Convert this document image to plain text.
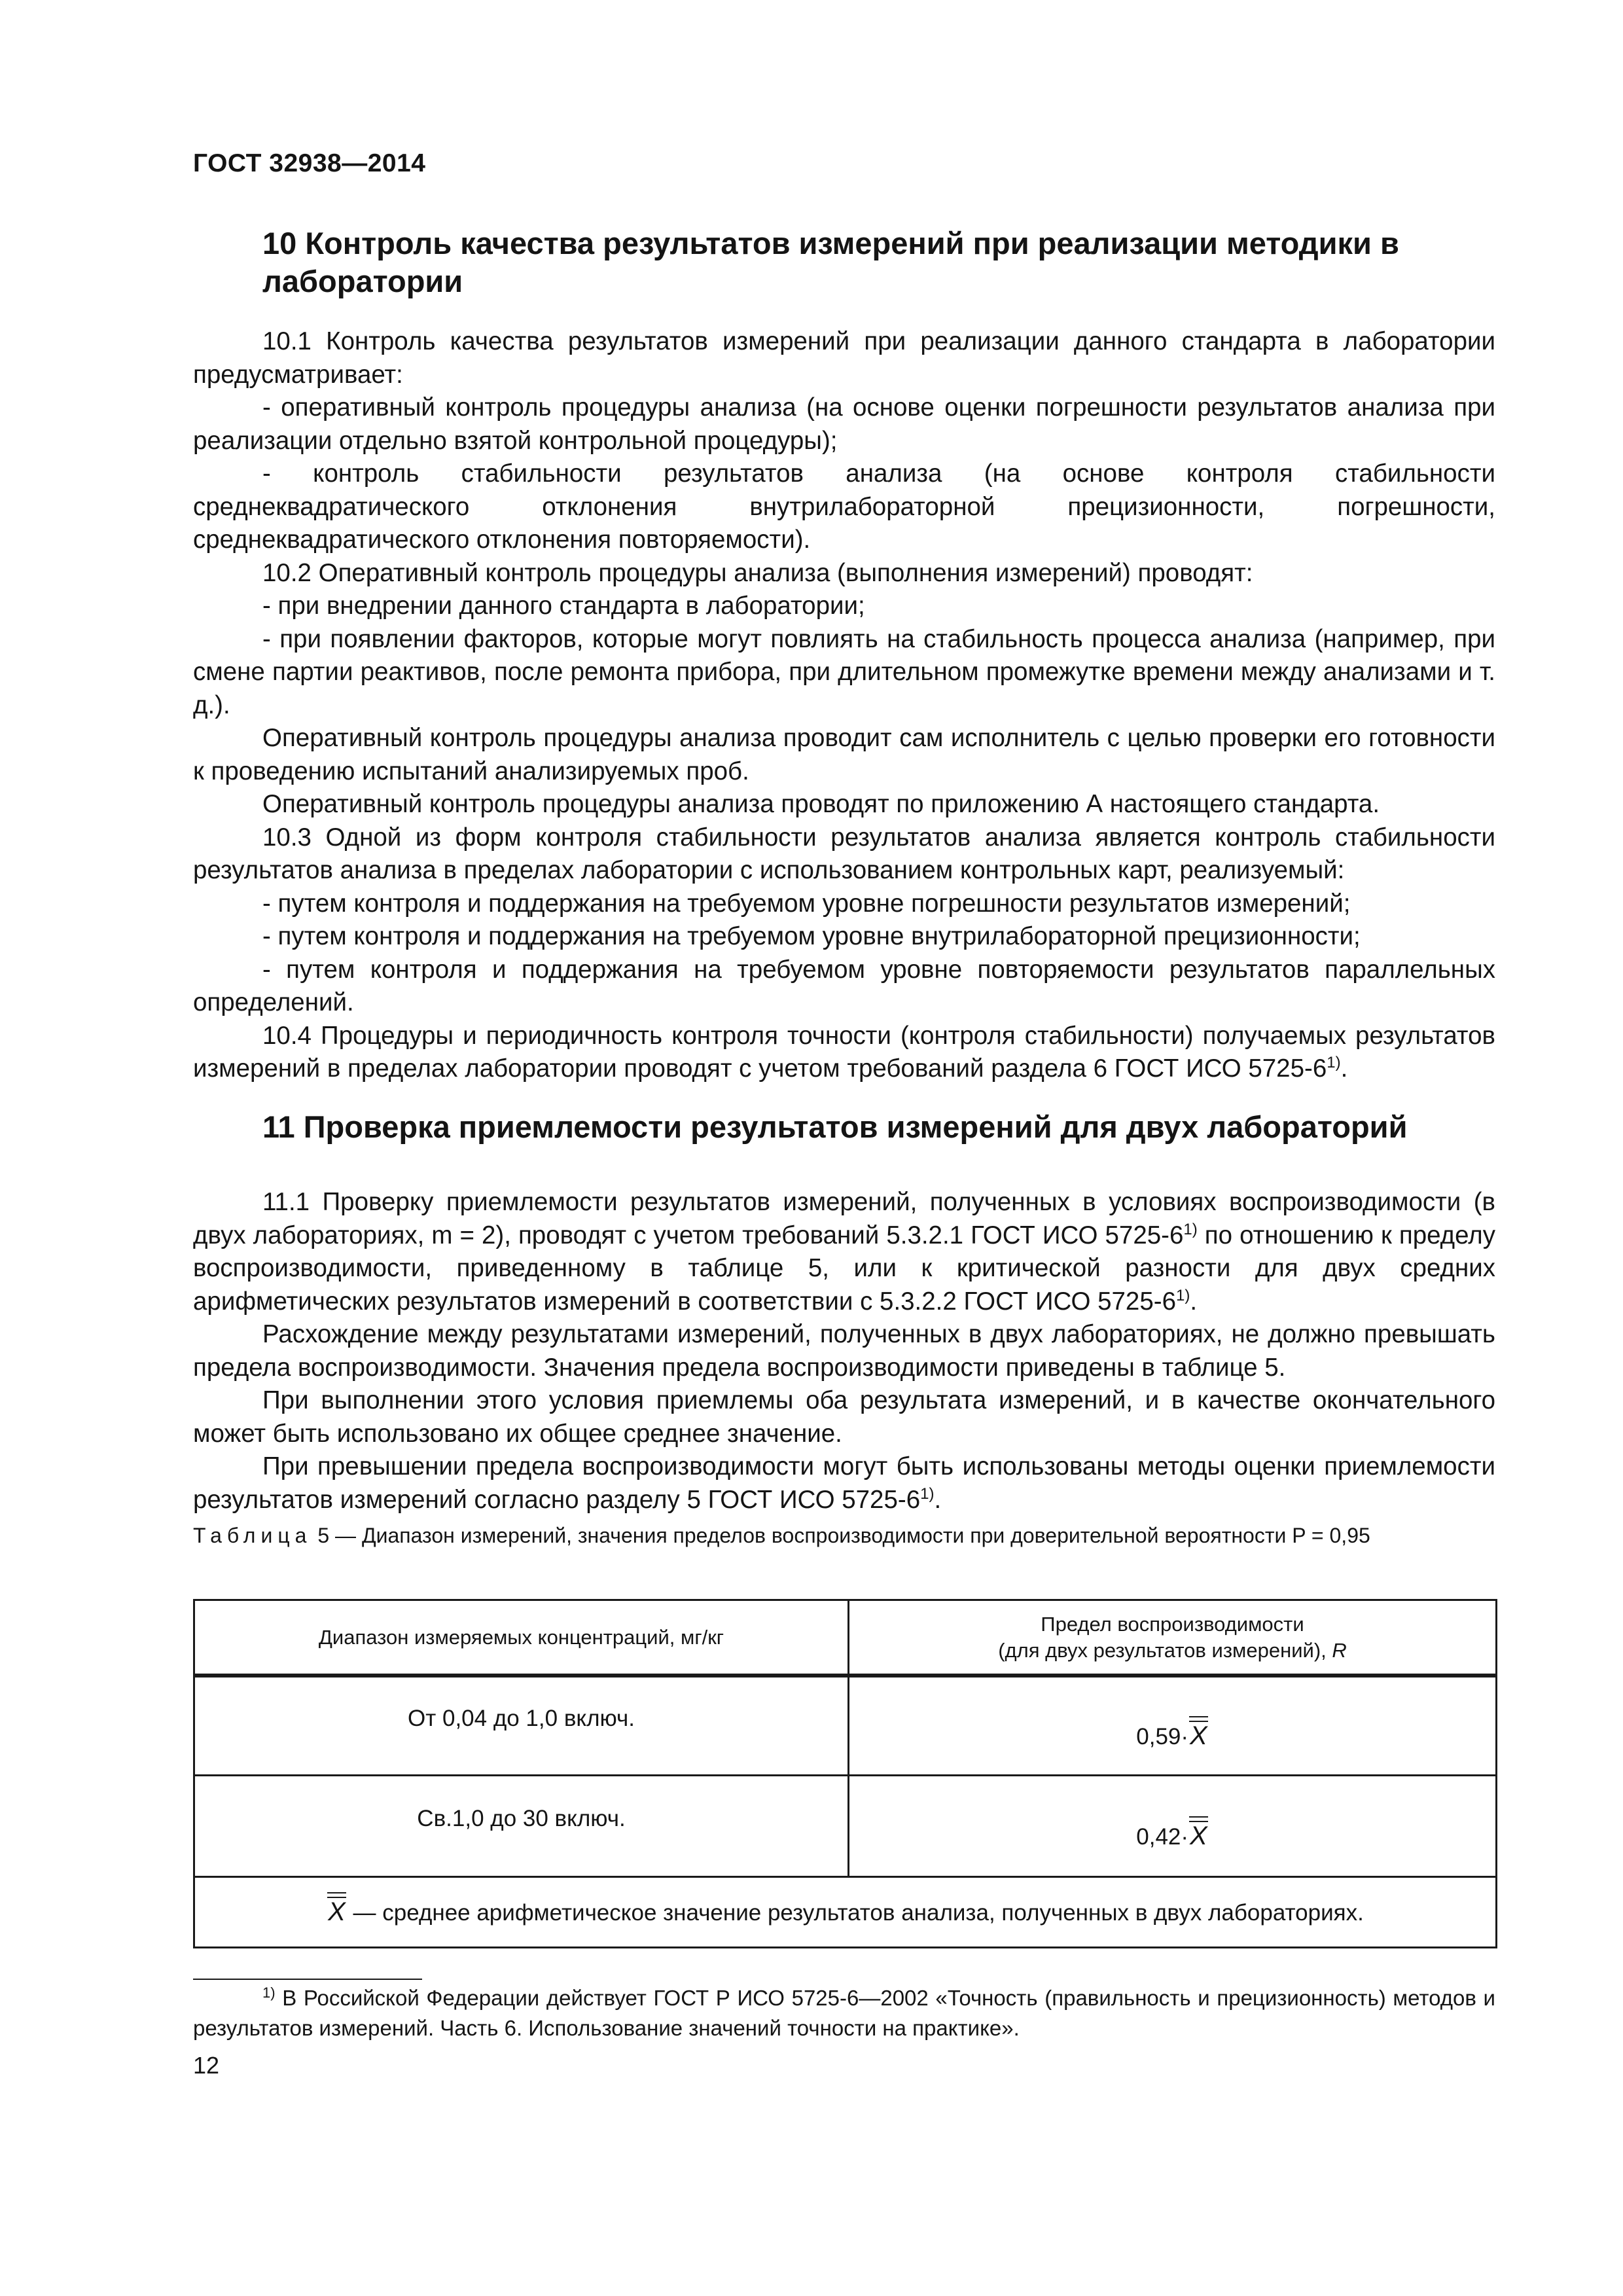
ГОСТ 32938—2014
10 Контроль качества результатов измерений при реализации методики в лаборатории

10.1 Контроль качества результатов измерений при реализации данного стандарта в лаборатории предусматривает:

- оперативный контроль процедуры анализа (на основе оценки погрешности результатов анализа при реализации отдельно взятой контрольной процедуры);

- контроль стабильности результатов анализа (на основе контроля стабильности среднеквадратического отклонения внутрилабораторной прецизионности, погрешности, среднеквадратического отклонения повторяемости).

10.2 Оперативный контроль процедуры анализа (выполнения измерений) проводят:

- при внедрении данного стандарта в лаборатории;

- при появлении факторов, которые могут повлиять на стабильность процесса анализа (например, при смене партии реактивов, после ремонта прибора, при длительном промежутке времени между анализами и т. д.).

Оперативный контроль процедуры анализа проводит сам исполнитель с целью проверки его готовности к проведению испытаний анализируемых проб.

Оперативный контроль процедуры анализа проводят по приложению А настоящего стандарта.

10.3 Одной из форм контроля стабильности результатов анализа является контроль стабильности результатов анализа в пределах лаборатории с использованием контрольных карт, реализуемый:

- путем контроля и поддержания на требуемом уровне погрешности результатов измерений;

- путем контроля и поддержания на требуемом уровне внутрилабораторной прецизионности;

- путем контроля и поддержания на требуемом уровне повторяемости результатов параллельных определений.

10.4 Процедуры и периодичность контроля точности (контроля стабильности) получаемых результатов измерений в пределах лаборатории проводят с учетом требований раздела 6 ГОСТ ИСО 5725-6$^{1)}$.

11 Проверка приемлемости результатов измерений для двух лабораторий

11.1 Проверку приемлемости результатов измерений, полученных в условиях воспроизводимости (в двух лабораториях, m = 2), проводят с учетом требований 5.3.2.1 ГОСТ ИСО 5725-6$^{1)}$ по отношению к пределу воспроизводимости, приведенному в таблице 5, или к критической разности для двух средних арифметических результатов измерений в соответствии с 5.3.2.2 ГОСТ ИСО 5725-6$^{1)}$.

Расхождение между результатами измерений, полученных в двух лабораториях, не должно превышать предела воспроизводимости. Значения предела воспроизводимости приведены в таблице 5.

При выполнении этого условия приемлемы оба результата измерений, и в качестве окончательного может быть использовано их общее среднее значение.

При превышении предела воспроизводимости могут быть использованы методы оценки приемлемости результатов измерений согласно разделу 5 ГОСТ ИСО 5725-6$^{1)}$.

Таблица 5 — Диапазон измерений, значения пределов воспроизводимости при доверительной вероятности P = 0,95
Диапазон измеряемых концентраций, мг/кг	Предел воспроизводимости
(для двух результатов измерений), R
От 0,04 до 1,0 включ.	0,59·X
Св.1,0 до 30 включ.	0,42·X
X — среднее арифметическое значение результатов анализа, полученных в двух лабораториях.	

$^{1)}$ В Российской Федерации действует ГОСТ Р ИСО 5725-6—2002 «Точность (правильность и прецизионность) методов и результатов измерений. Часть 6. Использование значений точности на практике».

12
